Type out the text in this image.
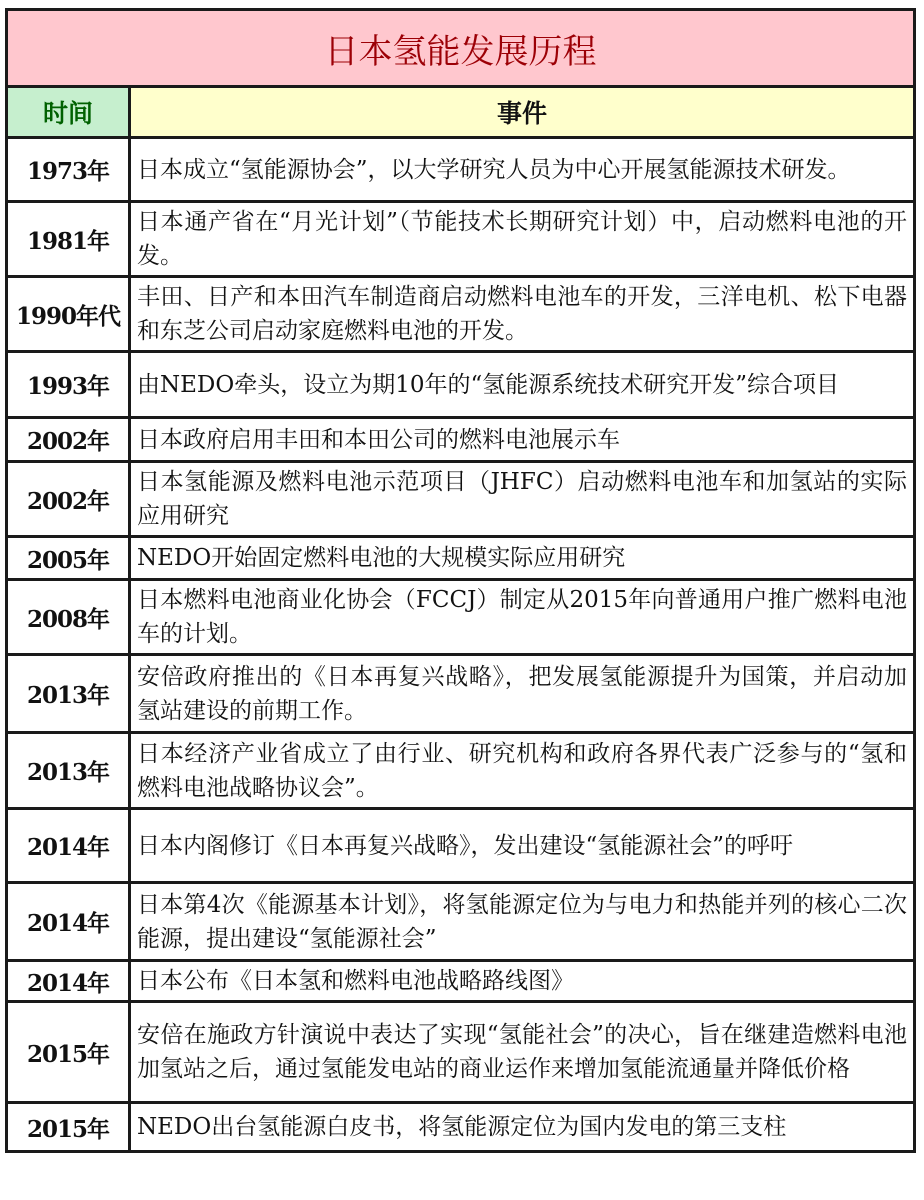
日本氢能发展历程	
时间	事件
1973年	日本成立“氢能源协会”，以大学研究人员为中心开展氢能源技术研发。
1981年	日本通产省在“月光计划”（节能技术长期研究计划）中，启动燃料电池的开发。
1990年代	丰田、日产和本田汽车制造商启动燃料电池车的开发，三洋电机、松下电器和东芝公司启动家庭燃料电池的开发。
1993年	由NEDO牵头，设立为期10年的“氢能源系统技术研究开发”综合项目
2002年	日本政府启用丰田和本田公司的燃料电池展示车
2002年	日本氢能源及燃料电池示范项目（JHFC）启动燃料电池车和加氢站的实际应用研究
2005年	NEDO开始固定燃料电池的大规模实际应用研究
2008年	日本燃料电池商业化协会（FCCJ）制定从2015年向普通用户推广燃料电池车的计划。
2013年	安倍政府推出的《日本再复兴战略》，把发展氢能源提升为国策，并启动加氢站建设的前期工作。
2013年	日本经济产业省成立了由行业、研究机构和政府各界代表广泛参与的“氢和燃料电池战略协议会”。
2014年	日本内阁修订《日本再复兴战略》，发出建设“氢能源社会”的呼吁
2014年	日本第4次《能源基本计划》，将氢能源定位为与电力和热能并列的核心二次能源，提出建设“氢能源社会”
2014年	日本公布《日本氢和燃料电池战略路线图》
2015年	安倍在施政方针演说中表达了实现“氢能社会”的决心，旨在继建造燃料电池加氢站之后，通过氢能发电站的商业运作来增加氢能流通量并降低价格
2015年	NEDO出台氢能源白皮书，将氢能源定位为国内发电的第三支柱
